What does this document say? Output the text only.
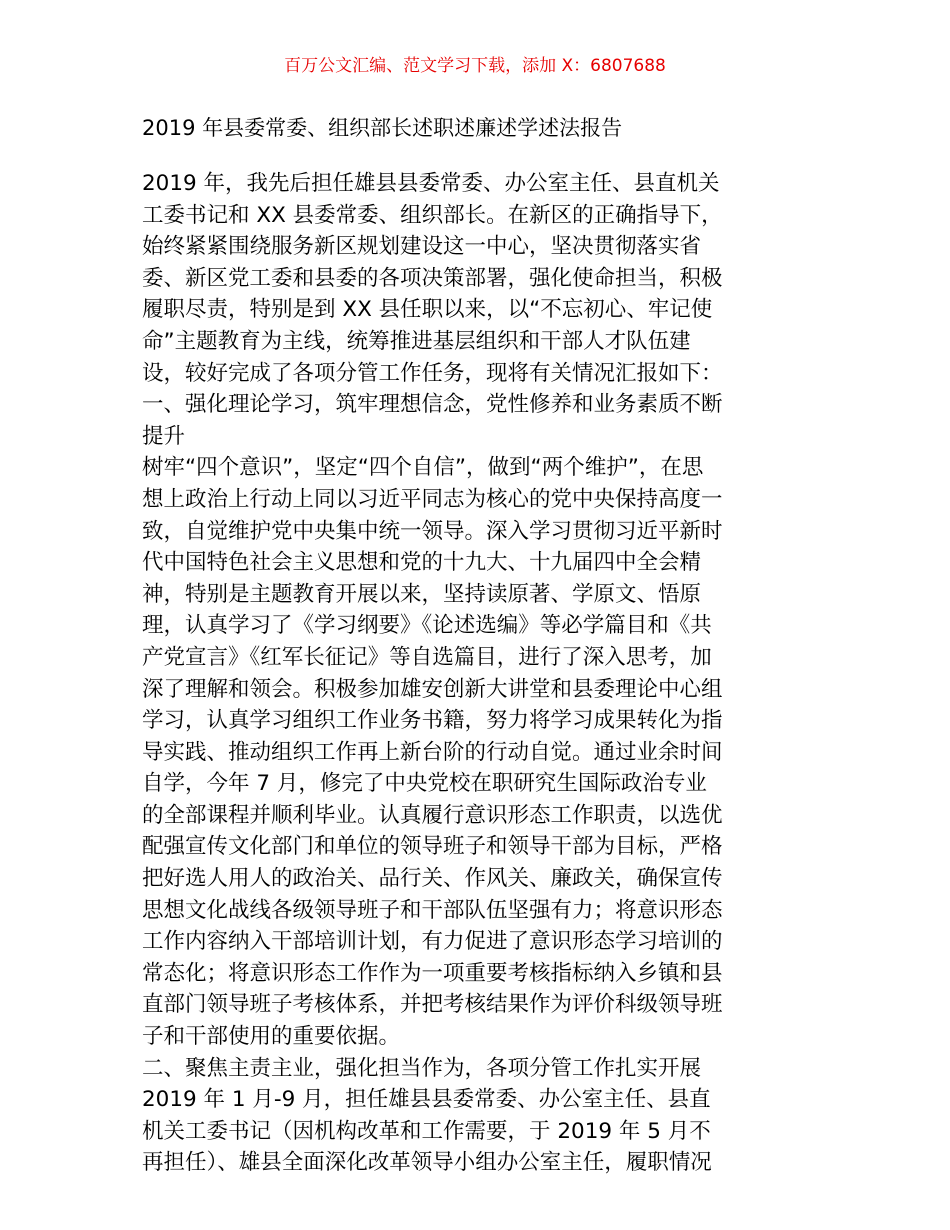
百万公文汇编、范文学习下载，添加 X：6807688
2019 年县委常委、组织部长述职述廉述学述法报告
2019 年，我先后担任雄县县委常委、办公室主任、县直机关
工委书记和 XX 县委常委、组织部长。在新区的正确指导下，
始终紧紧围绕服务新区规划建设这一中心，坚决贯彻落实省
委、新区党工委和县委的各项决策部署，强化使命担当，积极
履职尽责，特别是到 XX 县任职以来，以“不忘初心、牢记使
命”主题教育为主线，统筹推进基层组织和干部人才队伍建
设，较好完成了各项分管工作任务，现将有关情况汇报如下：
一、强化理论学习，筑牢理想信念，党性修养和业务素质不断
提升
树牢“四个意识”，坚定“四个自信”，做到“两个维护”，在思
想上政治上行动上同以习近平同志为核心的党中央保持高度一
致，自觉维护党中央集中统一领导。深入学习贯彻习近平新时
代中国特色社会主义思想和党的十九大、十九届四中全会精
神，特别是主题教育开展以来，坚持读原著、学原文、悟原
理，认真学习了《学习纲要》《论述选编》等必学篇目和《共
产党宣言》《红军长征记》等自选篇目，进行了深入思考，加
深了理解和领会。积极参加雄安创新大讲堂和县委理论中心组
学习，认真学习组织工作业务书籍，努力将学习成果转化为指
导实践、推动组织工作再上新台阶的行动自觉。通过业余时间
自学，今年 7 月，修完了中央党校在职研究生国际政治专业
的全部课程并顺利毕业。认真履行意识形态工作职责，以选优
配强宣传文化部门和单位的领导班子和领导干部为目标，严格
把好选人用人的政治关、品行关、作风关、廉政关，确保宣传
思想文化战线各级领导班子和干部队伍坚强有力；将意识形态
工作内容纳入干部培训计划，有力促进了意识形态学习培训的
常态化；将意识形态工作作为一项重要考核指标纳入乡镇和县
直部门领导班子考核体系，并把考核结果作为评价科级领导班
子和干部使用的重要依据。
二、聚焦主责主业，强化担当作为，各项分管工作扎实开展
2019 年 1 月-9 月，担任雄县县委常委、办公室主任、县直
机关工委书记（因机构改革和工作需要，于 2019 年 5 月不
再担任）、雄县全面深化改革领导小组办公室主任，履职情况
